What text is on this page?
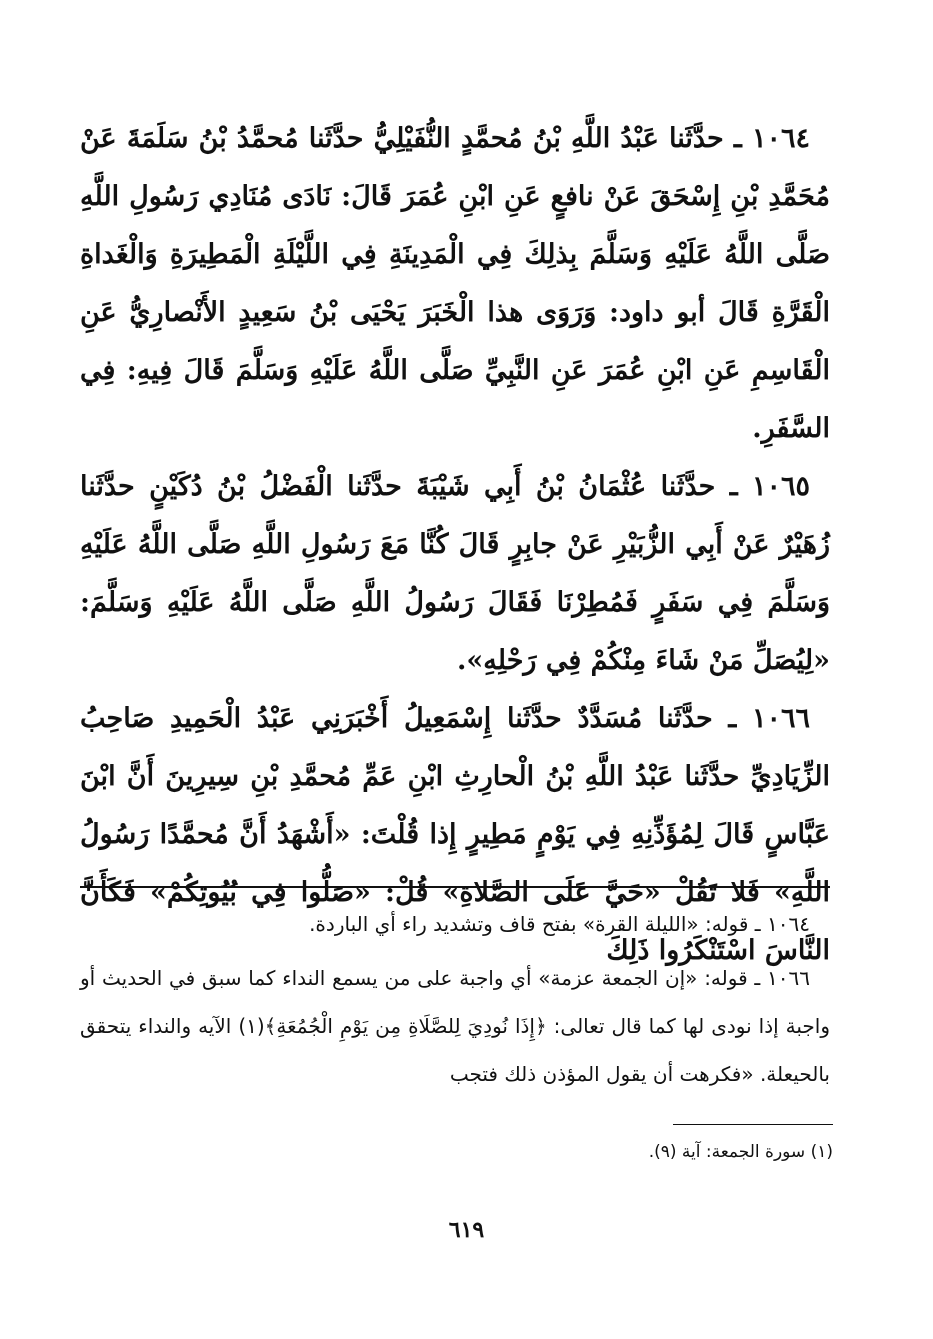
١٠٦٤ ـ حدَّثَنا عَبْدُ اللَّهِ بْنُ مُحمَّدٍ النُّفَيْلِيُّ حدَّثَنا مُحمَّدُ بْنُ سَلَمَةَ عَنْ مُحَمَّدِ بْنِ إِسْحَقَ عَنْ نافعٍ عَنِ ابْنِ عُمَرَ قَالَ: نَادَى مُنَادِي رَسُولِ اللَّهِ صَلَّى اللَّهُ عَلَيْهِ وَسَلَّمَ بِذلِكَ فِي الْمَدِينَةِ فِي اللَّيْلَةِ الْمَطِيرَةِ وَالْغَداةِ الْقَرَّةِ قَالَ أبو داود: وَرَوَى هذا الْخَبَرَ يَحْيَى بْنُ سَعِيدٍ الأَنْصارِيُّ عَنِ الْقَاسِمِ عَنِ ابْنِ عُمَرَ عَنِ النَّبِيِّ صَلَّى اللَّهُ عَلَيْهِ وَسَلَّمَ قَالَ فِيهِ: فِي السَّفَرِ.

١٠٦٥ ـ حدَّثَنا عُثْمَانُ بْنُ أَبِي شَيْبَةَ حدَّثَنا الْفَضْلُ بْنُ دُكَيْنٍ حدَّثَنا زُهَيْرٌ عَنْ أَبِي الزُّبَيْرِ عَنْ جابِرٍ قَالَ كُنَّا مَعَ رَسُولِ اللَّهِ صَلَّى اللَّهُ عَلَيْهِ وَسَلَّمَ فِي سَفَرٍ فَمُطِرْنَا فَقَالَ رَسُولُ اللَّهِ صَلَّى اللَّهُ عَلَيْهِ وَسَلَّمَ: «لِيُصَلِّ مَنْ شَاءَ مِنْكُمْ فِي رَحْلِهِ».

١٠٦٦ ـ حدَّثَنا مُسَدَّدٌ حدَّثَنا إِسْمَعِيلُ أَخْبَرَنِي عَبْدُ الْحَمِيدِ صَاحِبُ الزِّيَادِيِّ حدَّثَنا عَبْدُ اللَّهِ بْنُ الْحارِثِ ابْنِ عَمِّ مُحمَّدِ بْنِ سِيرِينَ أَنَّ ابْنَ عَبَّاسٍ قَالَ لِمُؤَذِّنِهِ فِي يَوْمٍ مَطِيرٍ إِذا قُلْتَ: «أَشْهَدُ أَنَّ مُحمَّدًا رَسُولُ اللَّهِ» فَلا تَقُلْ «حَيَّ عَلَى الصَّلاةِ» قُلْ: «صَلُّوا فِي بُيُوتِكُمْ» فَكَأَنَّ النَّاسَ اسْتَنْكَرُوا ذَلِكَ

١٠٦٤ ـ قوله: «الليلة القرة» بفتح قاف وتشديد راء أي الباردة.

١٠٦٦ ـ قوله: «إن الجمعة عزمة» أي واجبة على من يسمع النداء كما سبق في الحديث أو واجبة إذا نودى لها كما قال تعالى: ﴿إِذَا نُودِيَ لِلصَّلَاةِ مِن يَوْمِ الْجُمُعَةِ﴾(١) الآيه والنداء يتحقق بالحيعلة. «فكرهت أن يقول المؤذن ذلك فتجب

(١) سورة الجمعة: آية (٩).
٦١٩
